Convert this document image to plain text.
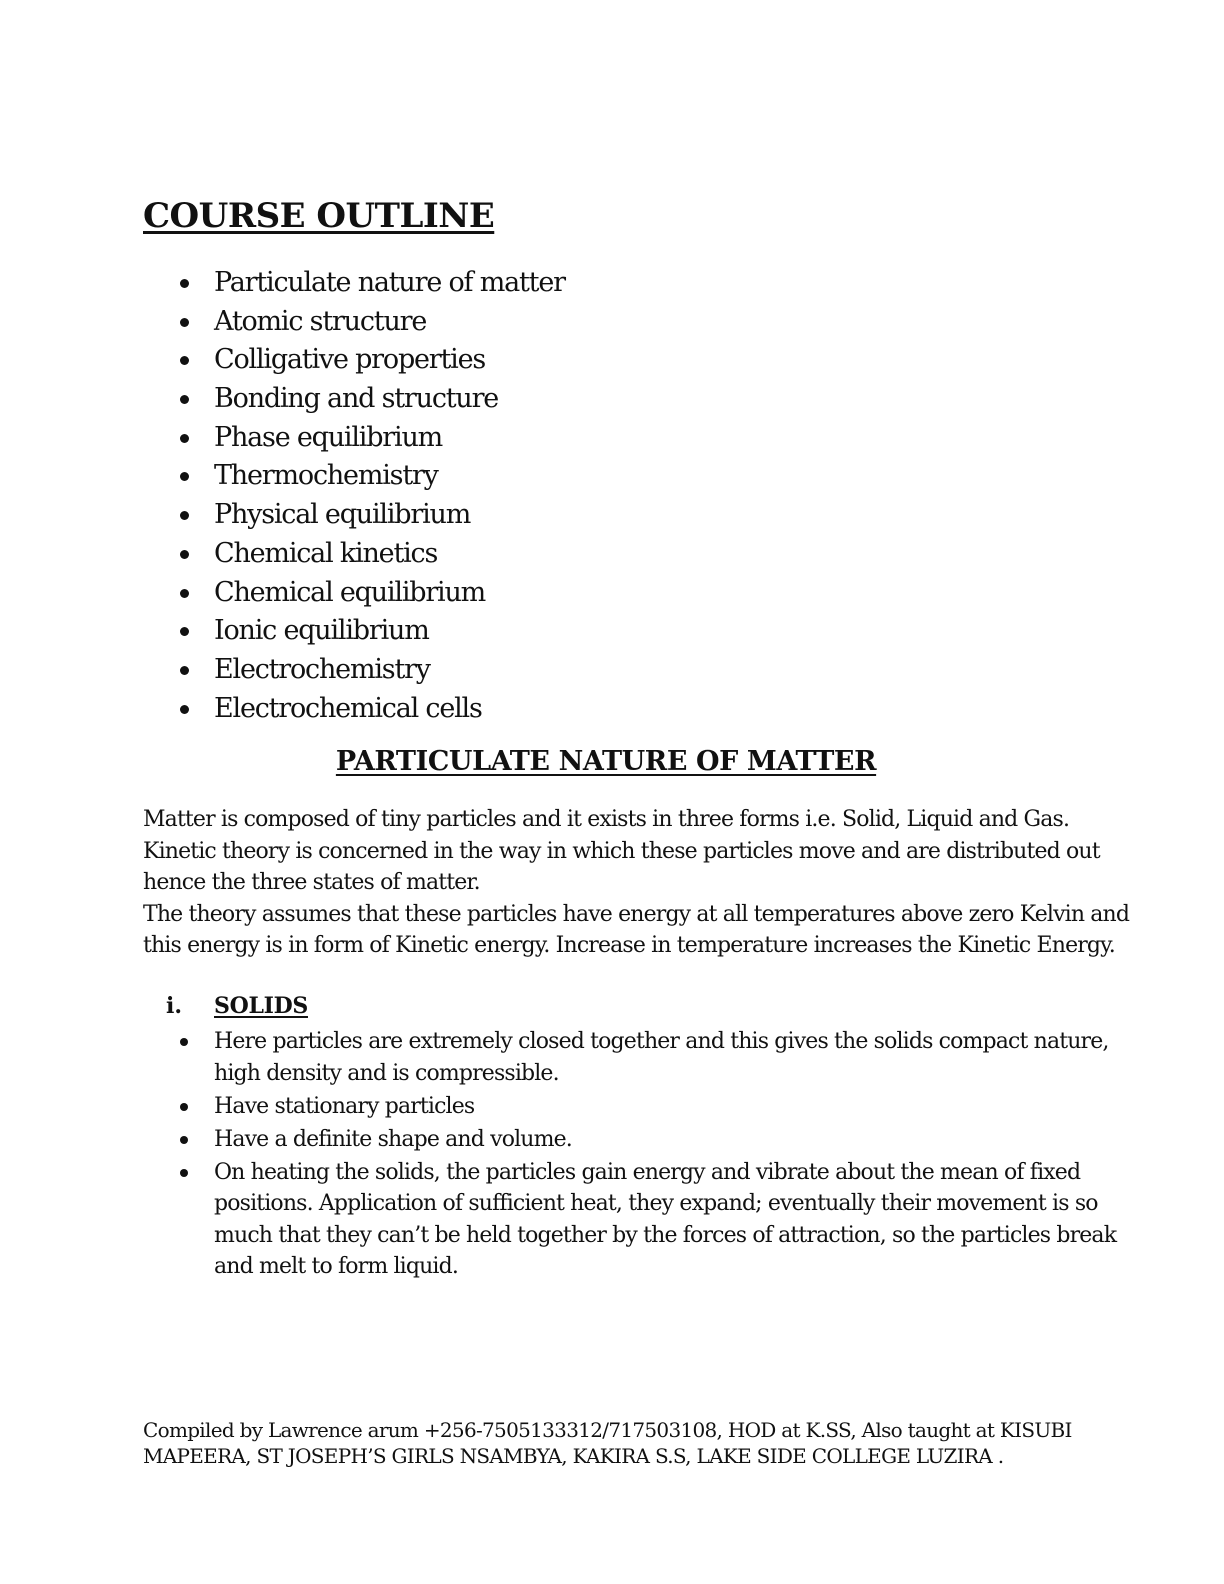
COURSE OUTLINE
Particulate nature of matter
Atomic structure
Colligative properties
Bonding and structure
Phase equilibrium
Thermochemistry
Physical equilibrium
Chemical kinetics
Chemical equilibrium
Ionic equilibrium
Electrochemistry
Electrochemical cells
PARTICULATE NATURE OF MATTER

Matter is composed of tiny particles and it exists in three forms i.e. Solid, Liquid and Gas.
Kinetic theory is concerned in the way in which these particles move and are distributed out
hence the three states of matter.
The theory assumes that these particles have energy at all temperatures above zero Kelvin and
this energy is in form of Kinetic energy. Increase in temperature increases the Kinetic Energy.

i. SOLIDS
Here particles are extremely closed together and this gives the solids compact nature,
high density and is compressible.
Have stationary particles
Have a definite shape and volume.
On heating the solids, the particles gain energy and vibrate about the mean of fixed
positions. Application of sufficient heat, they expand; eventually their movement is so
much that they can’t be held together by the forces of attraction, so the particles break
and melt to form liquid.

Compiled by Lawrence arum +256-7505133312/717503108, HOD at K.SS, Also taught at KISUBI
MAPEERA, ST JOSEPH’S GIRLS NSAMBYA, KAKIRA S.S, LAKE SIDE COLLEGE LUZIRA .
